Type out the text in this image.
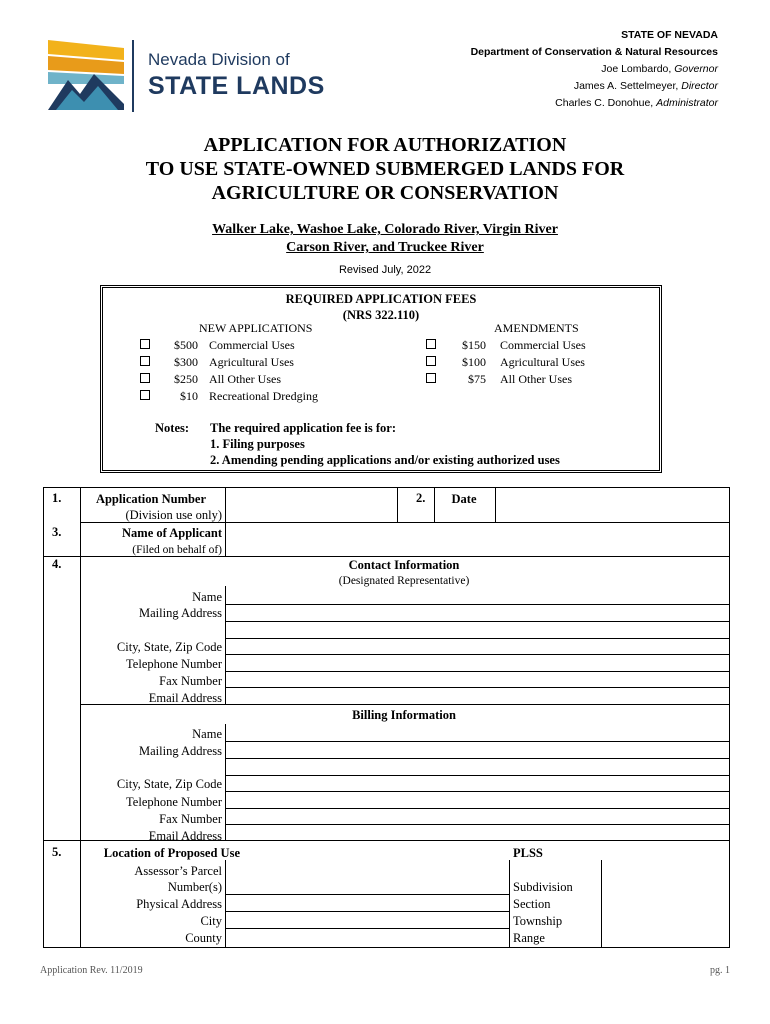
Nevada Division of
STATE LANDS
STATE OF NEVADA
Department of Conservation & Natural Resources
Joe Lombardo, Governor
James A. Settelmeyer, Director
Charles C. Donohue, Administrator
APPLICATION FOR AUTHORIZATION
TO USE STATE-OWNED SUBMERGED LANDS FOR
AGRICULTURE OR CONSERVATION
Walker Lake, Washoe Lake, Colorado River, Virgin River
Carson River, and Truckee River
Revised July, 2022
REQUIRED APPLICATION FEES
(NRS 322.110)
NEW APPLICATIONS	AMENDMENTS
$500 Commercial Uses
$300 Agricultural Uses
$250 All Other Uses
$10 Recreational Dredging
$150 Commercial Uses
$100 Agricultural Uses
$75 All Other Uses
Notes: The required application fee is for:
1. Filing purposes
2. Amending pending applications and/or existing authorized uses
1.	Application Number
(Division use only)
2.	Date
3.	Name of Applicant
(Filed on behalf of)
4.	Contact Information
(Designated Representative)
Name
Mailing Address
City, State, Zip Code
Telephone Number
Fax Number
Email Address
Billing Information
Name
Mailing Address
City, State, Zip Code
Telephone Number
Fax Number
Email Address
5.	Location of Proposed Use	PLSS
Assessor’s Parcel
Number(s)
Physical Address
City
County
Subdivision
Section
Township
Range
Application Rev. 11/2019	pg. 1
